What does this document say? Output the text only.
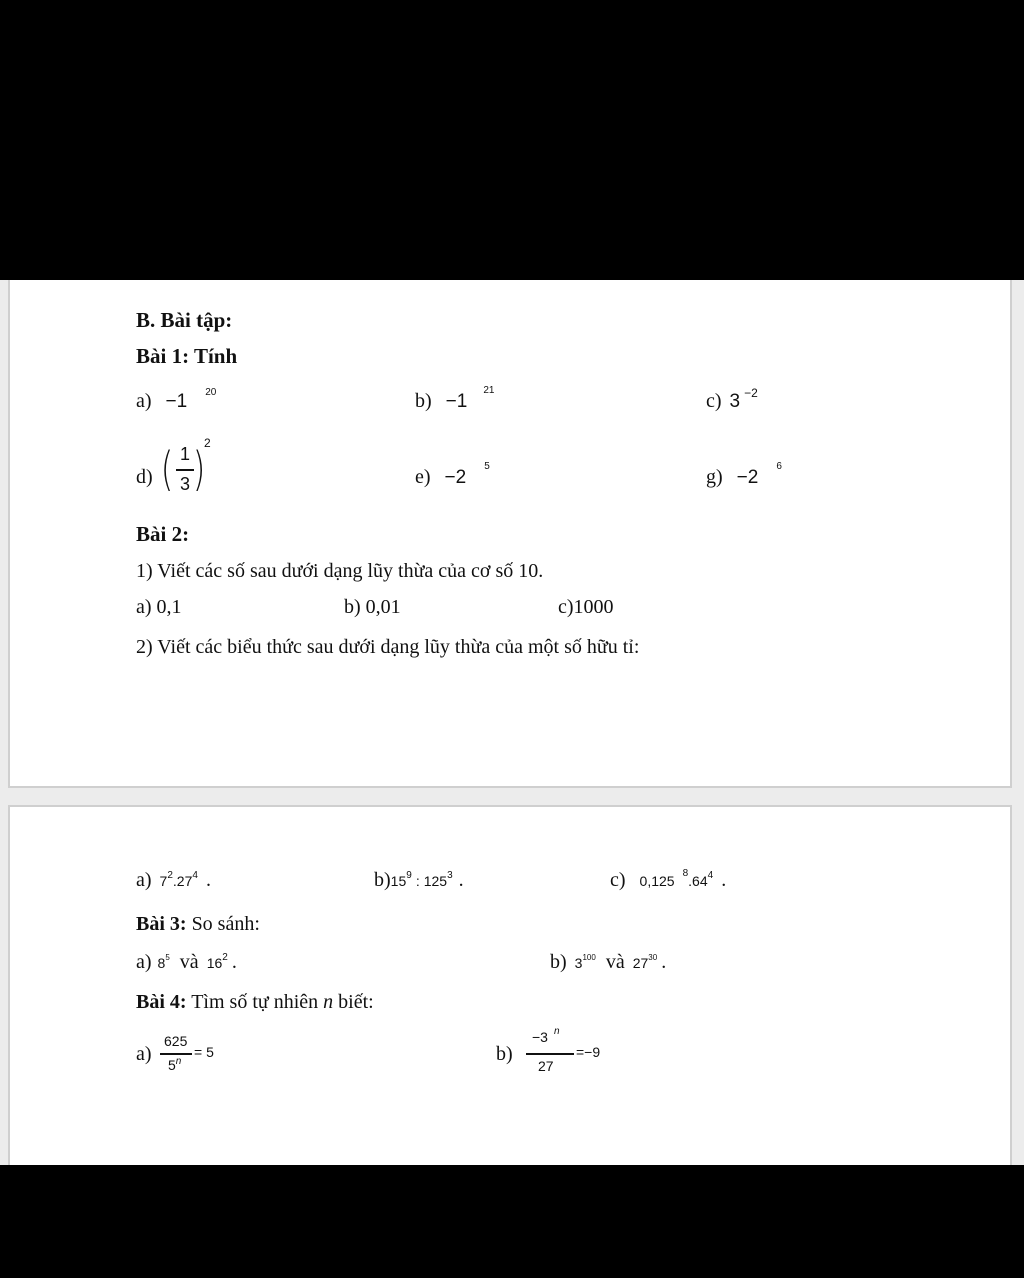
B. Bài tập:
Bài 1: Tính
a) −1 $^{20}$	b) −1 $^{21}$	c) 3 $^{-2}$
d) ( 1
3 )
2
e) −2 $^5$	g) −2 $^6$
Bài 2:
1) Viết các số sau dưới dạng lũy thừa của cơ số 10.
a) 0,1	b) 0,01	c)1000
2) Viết các biểu thức sau dưới dạng lũy thừa của một số hữu tỉ:
a) $7^2.27^4$ .	$b)15^9$ : $125^3$ .	c) 0,125 $^8.64^4$ .
Bài 3: So sánh:
a) $8^5$ và $16^2$ .	b) $3^{100}$ và $27^{30}$ .
Bài 4: Tìm số tự nhiên n biết:
a)
625
$5^n$
= 5	b)
−3 $^n$
27
=−9
